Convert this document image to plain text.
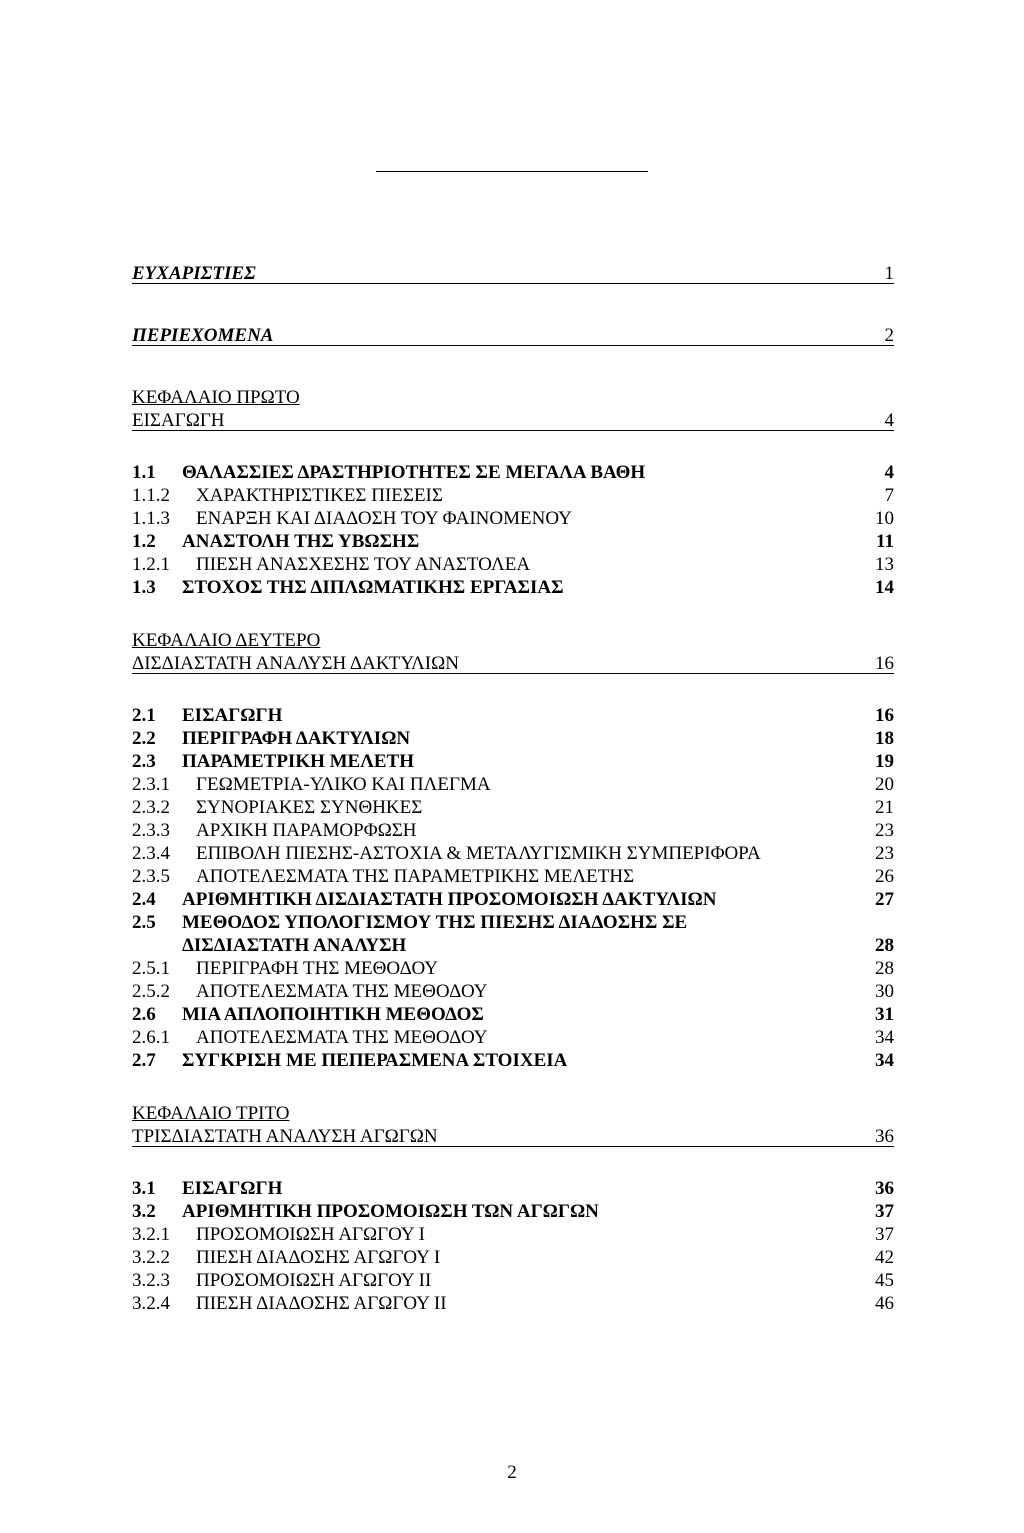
ΕΥΧΑΡΙΣΤΙΕΣ	1
ΠΕΡΙΕΧΟΜΕΝΑ	2
ΚΕΦΑΛΑΙΟ ΠΡΩΤΟ
ΕΙΣΑΓΩΓΗ	4
1.1 ΘΑΛΑΣΣΙΕΣ ΔΡΑΣΤΗΡΙΟΤΗΤΕΣ ΣΕ ΜΕΓΑΛΑ ΒΑΘΗ	4
1.1.2 ΧΑΡΑΚΤΗΡΙΣΤΙΚΕΣ ΠΙΕΣΕΙΣ	7
1.1.3 ΕΝΑΡΞΗ ΚΑΙ ΔΙΑΔΟΣΗ ΤΟΥ ΦΑΙΝΟΜΕΝΟΥ	10
1.2 ΑΝΑΣΤΟΛΗ ΤΗΣ ΥΒΩΣΗΣ	11
1.2.1 ΠΙΕΣΗ ΑΝΑΣΧΕΣΗΣ ΤΟΥ ΑΝΑΣΤΟΛΕΑ	13
1.3 ΣΤΟΧΟΣ ΤΗΣ ΔΙΠΛΩΜΑΤΙΚΗΣ ΕΡΓΑΣΙΑΣ	14
ΚΕΦΑΛΑΙΟ ΔΕΥΤΕΡΟ
ΔΙΣΔΙΑΣΤΑΤΗ ΑΝΑΛΥΣΗ ΔΑΚΤΥΛΙΩΝ	16
2.1 ΕΙΣΑΓΩΓΗ	16
2.2 ΠΕΡΙΓΡΑΦΗ ΔΑΚΤΥΛΙΩΝ	18
2.3 ΠΑΡΑΜΕΤΡΙΚΗ ΜΕΛΕΤΗ	19
2.3.1 ΓΕΩΜΕΤΡΙΑ-ΥΛΙΚΟ ΚΑΙ ΠΛΕΓΜΑ	20
2.3.2 ΣΥΝΟΡΙΑΚΕΣ ΣΥΝΘΗΚΕΣ	21
2.3.3 ΑΡΧΙΚΗ ΠΑΡΑΜΟΡΦΩΣΗ	23
2.3.4 ΕΠΙΒΟΛΗ ΠΙΕΣΗΣ-ΑΣΤΟΧΙΑ & ΜΕΤΑΛΥΓΙΣΜΙΚΗ ΣΥΜΠΕΡΙΦΟΡΑ	23
2.3.5 ΑΠΟΤΕΛΕΣΜΑΤΑ ΤΗΣ ΠΑΡΑΜΕΤΡΙΚΗΣ ΜΕΛΕΤΗΣ	26
2.4 ΑΡΙΘΜΗΤΙΚΗ ΔΙΣΔΙΑΣΤΑΤΗ ΠΡΟΣΟΜΟΙΩΣΗ ΔΑΚΤΥΛΙΩΝ	27
2.5 ΜΕΘΟΔΟΣ ΥΠΟΛΟΓΙΣΜΟΥ ΤΗΣ ΠΙΕΣΗΣ ΔΙΑΔΟΣΗΣ ΣΕ
ΔΙΣΔΙΑΣΤΑΤΗ ΑΝΑΛΥΣΗ	28
2.5.1 ΠΕΡΙΓΡΑΦΗ ΤΗΣ ΜΕΘΟΔΟΥ	28
2.5.2 ΑΠΟΤΕΛΕΣΜΑΤΑ ΤΗΣ ΜΕΘΟΔΟΥ	30
2.6 ΜΙΑ ΑΠΛΟΠΟΙΗΤΙΚΗ ΜΕΘΟΔΟΣ	31
2.6.1 ΑΠΟΤΕΛΕΣΜΑΤΑ ΤΗΣ ΜΕΘΟΔΟΥ	34
2.7 ΣΥΓΚΡΙΣΗ ΜΕ ΠΕΠΕΡΑΣΜΕΝΑ ΣΤΟΙΧΕΙΑ	34
ΚΕΦΑΛΑΙΟ ΤΡΙΤΟ
ΤΡΙΣΔΙΑΣΤΑΤΗ ΑΝΑΛΥΣΗ ΑΓΩΓΩΝ	36
3.1 ΕΙΣΑΓΩΓΗ	36
3.2 ΑΡΙΘΜΗΤΙΚΗ ΠΡΟΣΟΜΟΙΩΣΗ ΤΩΝ ΑΓΩΓΩΝ	37
3.2.1 ΠΡΟΣΟΜΟΙΩΣΗ ΑΓΩΓΟΥ Ι	37
3.2.2 ΠΙΕΣΗ ΔΙΑΔΟΣΗΣ ΑΓΩΓΟΥ Ι	42
3.2.3 ΠΡΟΣΟΜΟΙΩΣΗ ΑΓΩΓΟΥ ΙΙ	45
3.2.4 ΠΙΕΣΗ ΔΙΑΔΟΣΗΣ ΑΓΩΓΟΥ ΙΙ	46
2
